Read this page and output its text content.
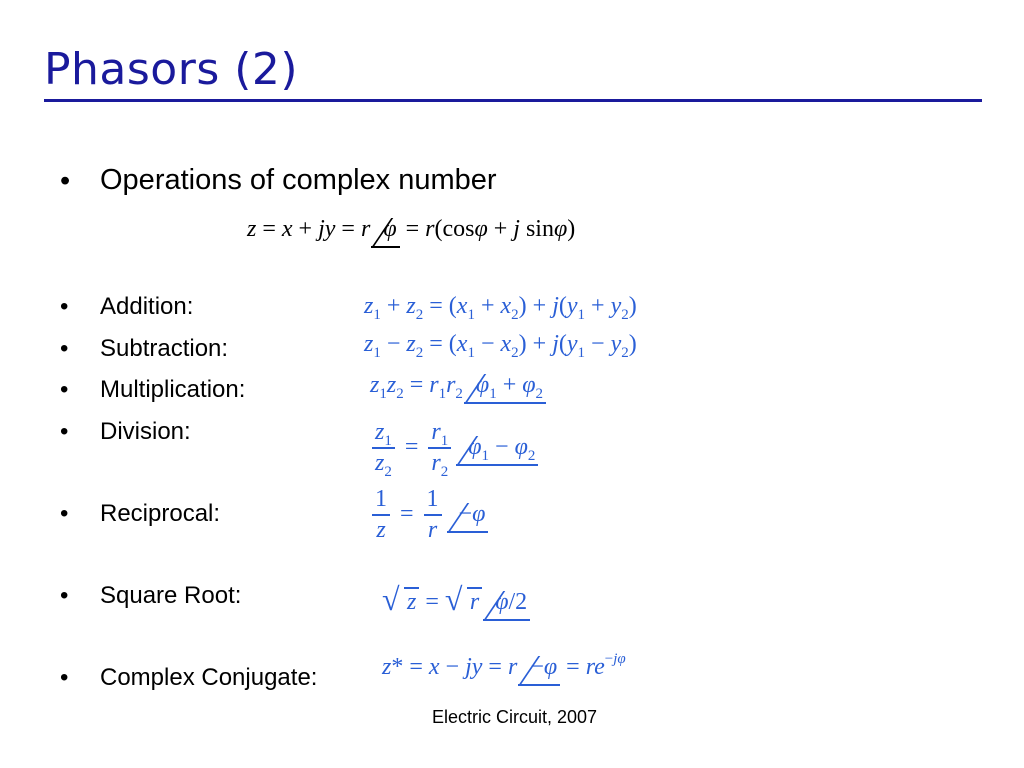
Phasors (2)
• Operations of complex number
z = x + jy = r φ = r(cosφ + j sinφ)
• Addition:	$z_1 + z_2 = (x_1 + x_2) + j(y_1 + y_2)$
• Subtraction:	$z_1 - z_2 = (x_1 - x_2) + j(y_1 - y_2)$
• Multiplication:	$z_1z_2 = r_1r_2$ $\varphi_1 + \varphi_2$
• Division:	$\frac{z_1}{z_2} = \frac{r_1}{r_2} \varphi_1 - \varphi_2$
• Reciprocal:	$\frac{1}{z} = \frac{1}{r} -\varphi$
• Square Root:	√ z = √ r φ/2
• Complex Conjugate:	z* = x − jy = $r -\varphi = re^{-j\varphi}$
Electric Circuit, 2007
